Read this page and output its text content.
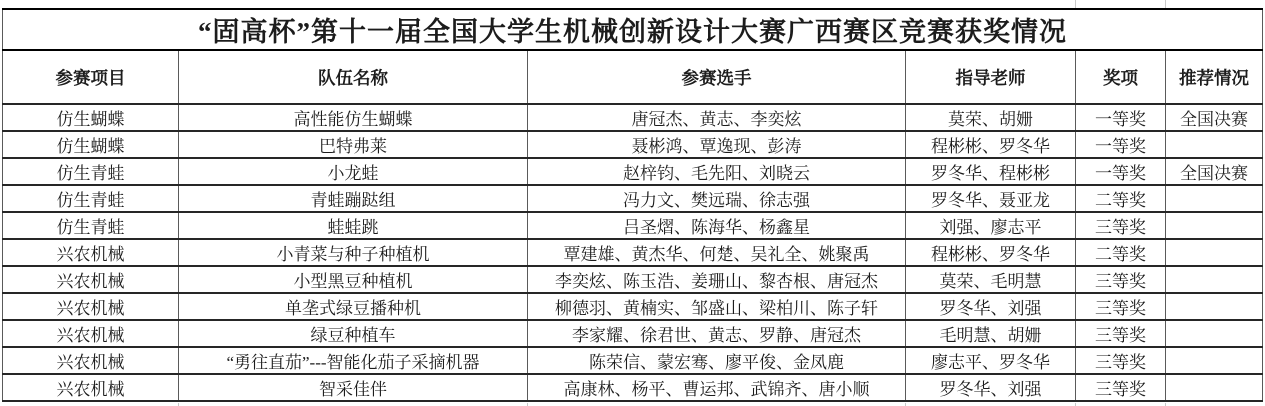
“固高杯”第十一届全国大学生机械创新设计大赛广西赛区竞赛获奖情况					
参赛项目	队伍名称	参赛选手	指导老师	奖项	推荐情况
仿生蝴蝶	高性能仿生蝴蝶	唐冠杰、黄志、李奕炫	莫荣、胡姗	一等奖	全国决赛
仿生蝴蝶	巴特弗莱	聂彬鸿、覃逸现、彭涛	程彬彬、罗冬华	一等奖	
仿生青蛙	小龙蛙	赵梓钧、毛先阳、刘晓云	罗冬华、程彬彬	一等奖	全国决赛
仿生青蛙	青蛙蹦跶组	冯力文、樊远瑞、徐志强	罗冬华、聂亚龙	二等奖	
仿生青蛙	蛙蛙跳	吕圣熠、陈海华、杨鑫星	刘强、廖志平	三等奖	
兴农机械	小青菜与种子种植机	覃建雄、黄杰华、何楚、吴礼全、姚聚禹	程彬彬、罗冬华	二等奖	
兴农机械	小型黑豆种植机	李奕炫、陈玉浩、姜珊山、黎杏根、唐冠杰	莫荣、毛明慧	三等奖	
兴农机械	单垄式绿豆播种机	柳德羽、黄楠实、邹盛山、梁柏川、陈子轩	罗冬华、刘强	三等奖	
兴农机械	绿豆种植车	李家耀、徐君世、黄志、罗静、唐冠杰	毛明慧、胡姗	三等奖	
兴农机械	“勇往直茄”---智能化茄子采摘机器	陈荣信、蒙宏骞、廖平俊、金凤鹿	廖志平、罗冬华	三等奖	
兴农机械	智采佳伴	高康林、杨平、曹运邦、武锦齐、唐小顺	罗冬华、刘强	三等奖	
